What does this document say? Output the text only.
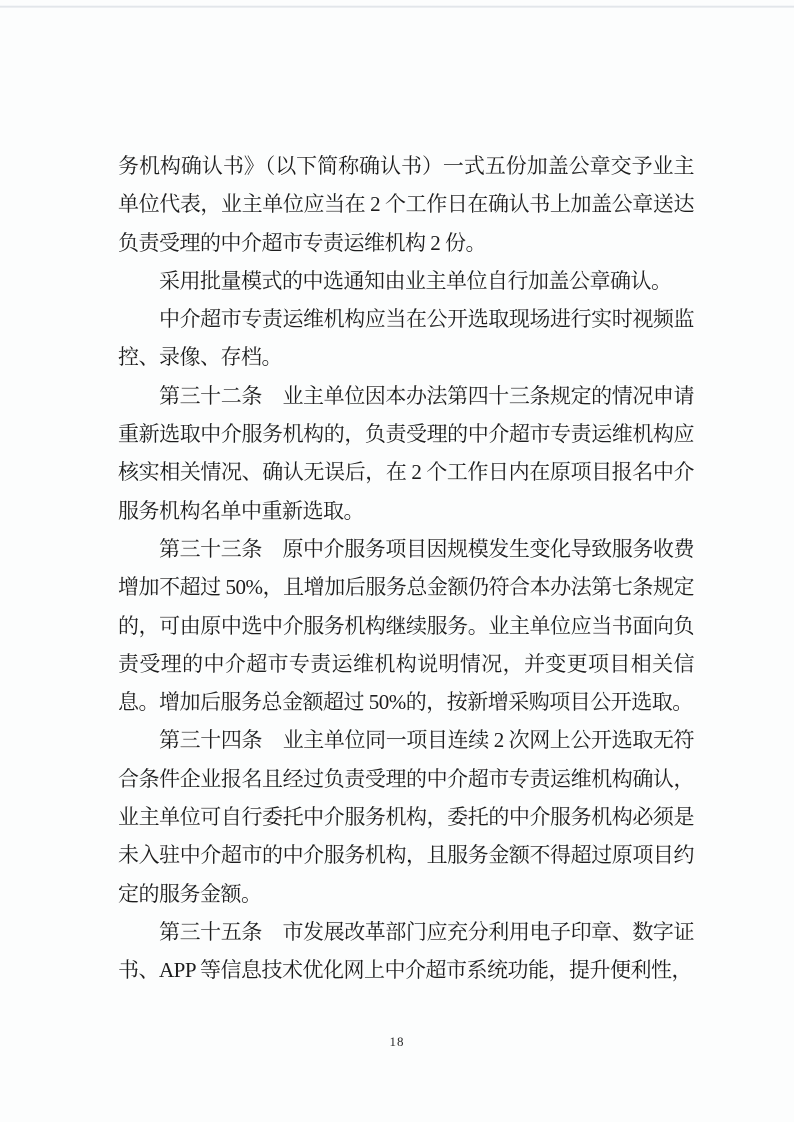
务机构确认书》（以下简称确认书）一式五份加盖公章交予业主单位代表，业主单位应当在 2 个工作日在确认书上加盖公章送达负责受理的中介超市专责运维机构 2 份。

采用批量模式的中选通知由业主单位自行加盖公章确认。

中介超市专责运维机构应当在公开选取现场进行实时视频监控、录像、存档。

第三十二条　业主单位因本办法第四十三条规定的情况申请重新选取中介服务机构的，负责受理的中介超市专责运维机构应核实相关情况、确认无误后，在 2 个工作日内在原项目报名中介服务机构名单中重新选取。

第三十三条　原中介服务项目因规模发生变化导致服务收费增加不超过 50%，且增加后服务总金额仍符合本办法第七条规定的，可由原中选中介服务机构继续服务。业主单位应当书面向负责受理的中介超市专责运维机构说明情况，并变更项目相关信息。增加后服务总金额超过 50%的，按新增采购项目公开选取。

第三十四条　业主单位同一项目连续 2 次网上公开选取无符合条件企业报名且经过负责受理的中介超市专责运维机构确认，业主单位可自行委托中介服务机构，委托的中介服务机构必须是未入驻中介超市的中介服务机构，且服务金额不得超过原项目约定的服务金额。

第三十五条　市发展改革部门应充分利用电子印章、数字证书、APP 等信息技术优化网上中介超市系统功能，提升便利性，

18
